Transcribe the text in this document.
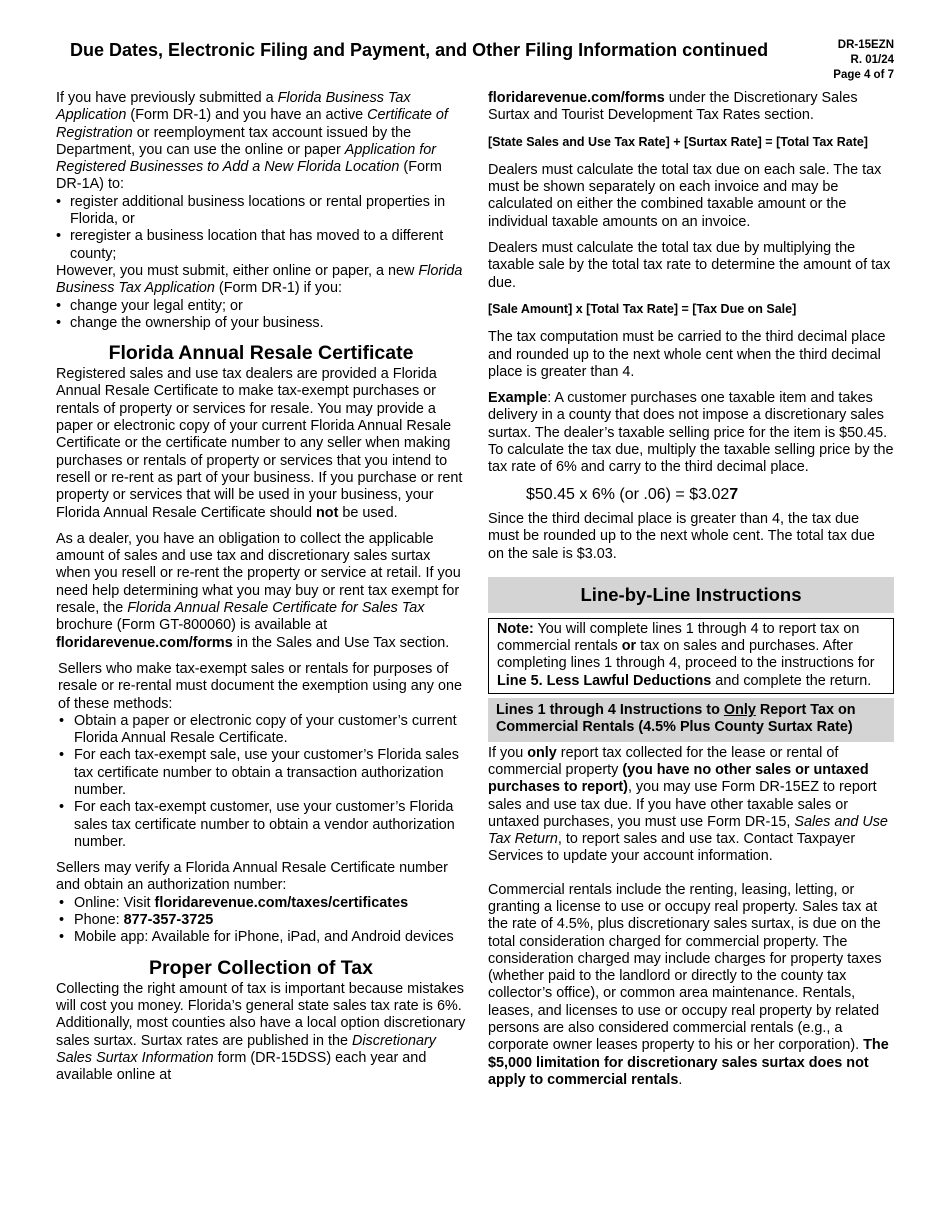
Due Dates, Electronic Filing and Payment, and Other Filing Information continued	DR-15EZN
R. 01/24
Page 4 of 7

If you have previously submitted a Florida Business Tax Application (Form DR-1) and you have an active Certificate of Registration or reemployment tax account issued by the Department, you can use the online or paper Application for Registered Businesses to Add a New Florida Location (Form DR-1A) to:

• register additional business locations or rental properties in Florida, or
• reregister a business location that has moved to a different county;

However, you must submit, either online or paper, a new Florida Business Tax Application (Form DR-1) if you:

• change your legal entity; or
• change the ownership of your business.
Florida Annual Resale Certificate

Registered sales and use tax dealers are provided a Florida Annual Resale Certificate to make tax-exempt purchases or rentals of property or services for resale. You may provide a paper or electronic copy of your current Florida Annual Resale Certificate or the certificate number to any seller when making purchases or rentals of property or services that you intend to resell or re-rent as part of your business. If you purchase or rent property or services that will be used in your business, your Florida Annual Resale Certificate should not be used.

As a dealer, you have an obligation to collect the applicable amount of sales and use tax and discretionary sales surtax when you resell or re-rent the property or service at retail. If you need help determining what you may buy or rent tax exempt for resale, the Florida Annual Resale Certificate for Sales Tax brochure (Form GT-800060) is available at floridarevenue.com/forms in the Sales and Use Tax section.

Sellers who make tax-exempt sales or rentals for purposes of resale or re-rental must document the exemption using any one of these methods:

• Obtain a paper or electronic copy of your customer’s current Florida Annual Resale Certificate.
• For each tax-exempt sale, use your customer’s Florida sales tax certificate number to obtain a transaction authorization number.
• For each tax-exempt customer, use your customer’s Florida sales tax certificate number to obtain a vendor authorization number.

Sellers may verify a Florida Annual Resale Certificate number and obtain an authorization number:

• Online: Visit floridarevenue.com/taxes/certificates
• Phone: 877-357-3725
• Mobile app: Available for iPhone, iPad, and Android devices
Proper Collection of Tax

Collecting the right amount of tax is important because mistakes will cost you money. Florida’s general state sales tax rate is 6%. Additionally, most counties also have a local option discretionary sales surtax. Surtax rates are published in the Discretionary Sales Surtax Information form (DR-15DSS) each year and available online at

floridarevenue.com/forms under the Discretionary Sales Surtax and Tourist Development Tax Rates section.

[State Sales and Use Tax Rate] + [Surtax Rate] = [Total Tax Rate]

Dealers must calculate the total tax due on each sale. The tax must be shown separately on each invoice and may be calculated on either the combined taxable amount or the individual taxable amounts on an invoice.

Dealers must calculate the total tax due by multiplying the taxable sale by the total tax rate to determine the amount of tax due.

[Sale Amount] x [Total Tax Rate] = [Tax Due on Sale]

The tax computation must be carried to the third decimal place and rounded up to the next whole cent when the third decimal place is greater than 4.

Example: A customer purchases one taxable item and takes delivery in a county that does not impose a discretionary sales surtax. The dealer’s taxable selling price for the item is $50.45. To calculate the tax due, multiply the taxable selling price by the tax rate of 6% and carry to the third decimal place.

$50.45 x 6% (or .06) = $3.027

Since the third decimal place is greater than 4, the tax due must be rounded up to the next whole cent. The total tax due on the sale is $3.03.

Line-by-Line Instructions
Note: You will complete lines 1 through 4 to report tax on commercial rentals or tax on sales and purchases. After completing lines 1 through 4, proceed to the instructions for Line 5. Less Lawful Deductions and complete the return.
Lines 1 through 4 Instructions to Only Report Tax on Commercial Rentals (4.5% Plus County Surtax Rate)

If you only report tax collected for the lease or rental of commercial property (you have no other sales or untaxed purchases to report), you may use Form DR-15EZ to report sales and use tax due. If you have other taxable sales or untaxed purchases, you must use Form DR-15, Sales and Use Tax Return, to report sales and use tax. Contact Taxpayer Services to update your account information.

Commercial rentals include the renting, leasing, letting, or granting a license to use or occupy real property. Sales tax at the rate of 4.5%, plus discretionary sales surtax, is due on the total consideration charged for commercial property. The consideration charged may include charges for property taxes (whether paid to the landlord or directly to the county tax collector’s office), or common area maintenance. Rentals, leases, and licenses to use or occupy real property by related persons are also considered commercial rentals (e.g., a corporate owner leases property to his or her corporation). The $5,000 limitation for discretionary sales surtax does not apply to commercial rentals.
